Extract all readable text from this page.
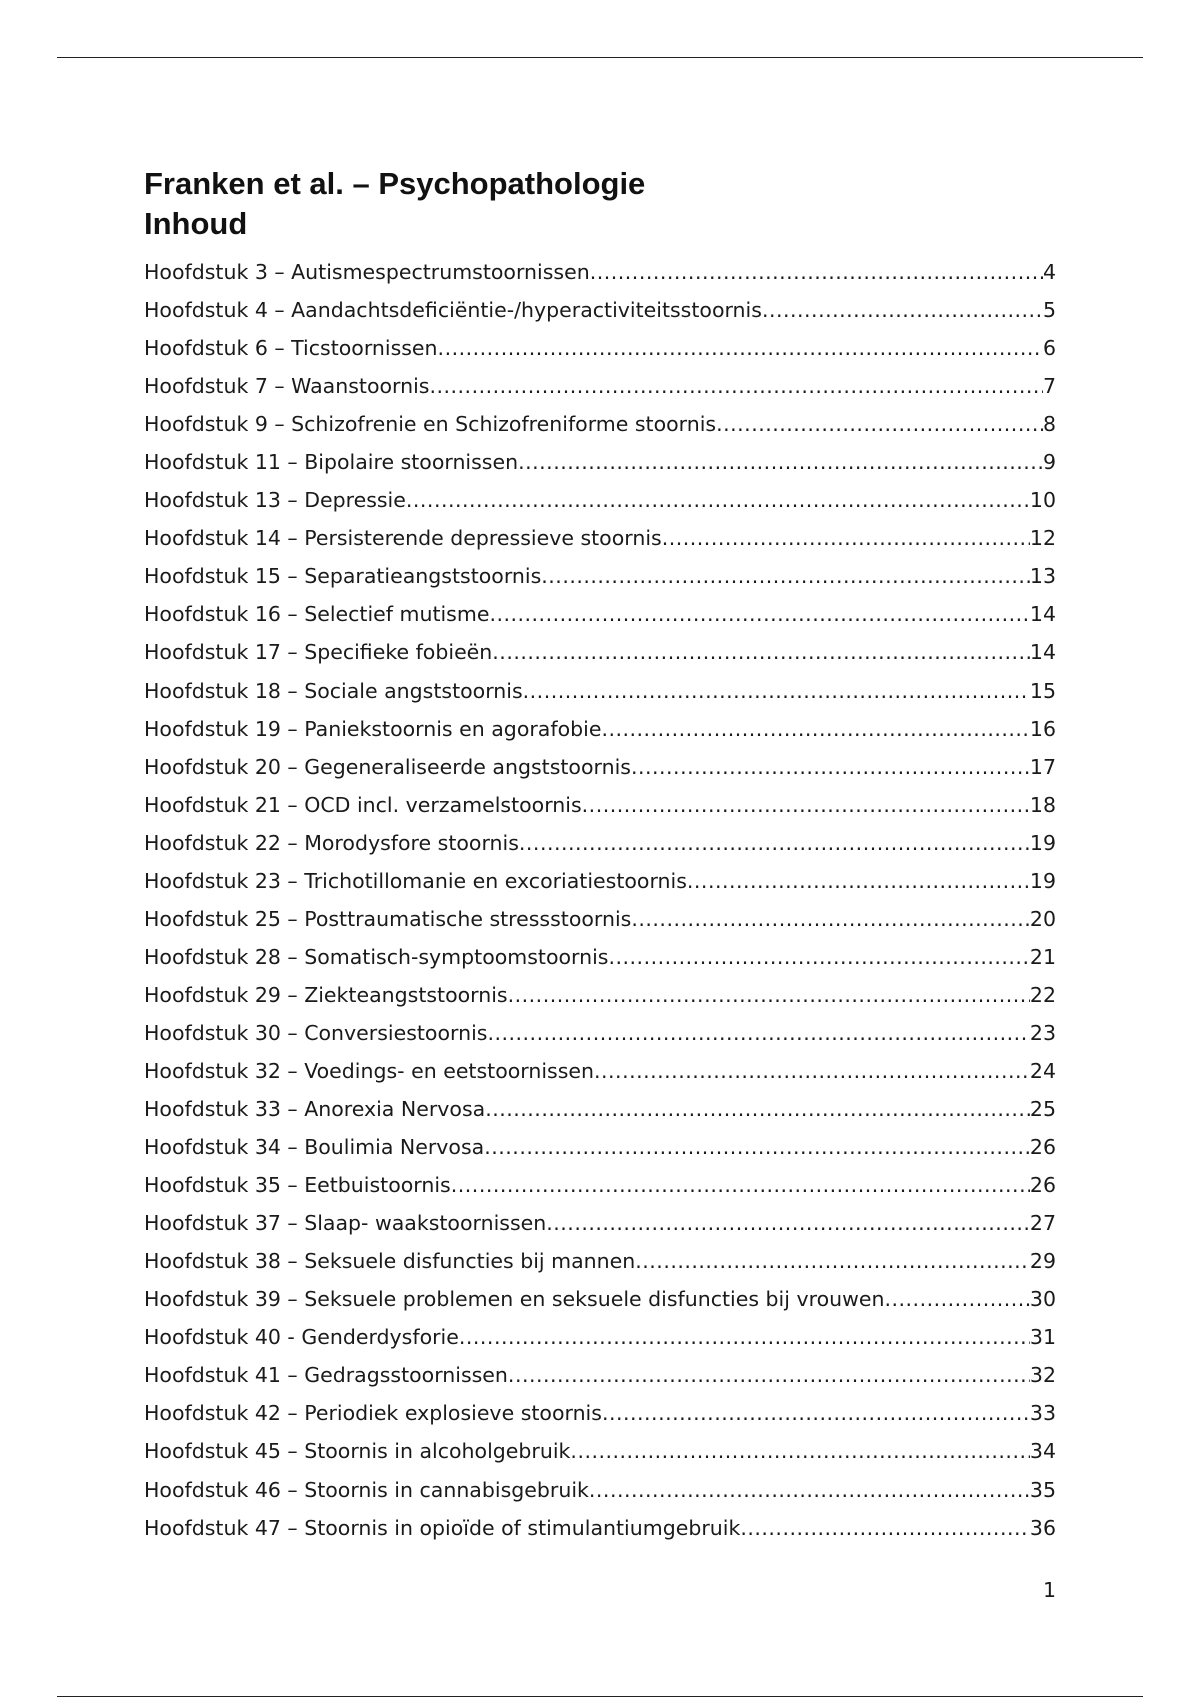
Franken et al. – Psychopathologie
Inhoud
Hoofdstuk 3 – Autismespectrumstoornissen .....	4
Hoofdstuk 4 – Aandachtsdeficiëntie-/hyperactiviteitsstoornis .....	5
Hoofdstuk 6 – Ticstoornissen .....	6
Hoofdstuk 7 – Waanstoornis .....	7
Hoofdstuk 9 – Schizofrenie en Schizofreniforme stoornis .....	8
Hoofdstuk 11 – Bipolaire stoornissen .....	9
Hoofdstuk 13 – Depressie .....	10
Hoofdstuk 14 – Persisterende depressieve stoornis .....	12
Hoofdstuk 15 – Separatieangststoornis .....	13
Hoofdstuk 16 – Selectief mutisme .....	14
Hoofdstuk 17 – Specifieke fobieën .....	14
Hoofdstuk 18 – Sociale angststoornis .....	15
Hoofdstuk 19 – Paniekstoornis en agorafobie .....	16
Hoofdstuk 20 – Gegeneraliseerde angststoornis .....	17
Hoofdstuk 21 – OCD incl. verzamelstoornis .....	18
Hoofdstuk 22 – Morodysfore stoornis .....	19
Hoofdstuk 23 – Trichotillomanie en excoriatiestoornis .....	19
Hoofdstuk 25 – Posttraumatische stressstoornis .....	20
Hoofdstuk 28 – Somatisch-symptoomstoornis .....	21
Hoofdstuk 29 – Ziekteangststoornis .....	22
Hoofdstuk 30 – Conversiestoornis .....	23
Hoofdstuk 32 – Voedings- en eetstoornissen .....	24
Hoofdstuk 33 – Anorexia Nervosa .....	25
Hoofdstuk 34 – Boulimia Nervosa .....	26
Hoofdstuk 35 – Eetbuistoornis .....	26
Hoofdstuk 37 – Slaap- waakstoornissen .....	27
Hoofdstuk 38 – Seksuele disfuncties bij mannen .....	29
Hoofdstuk 39 – Seksuele problemen en seksuele disfuncties bij vrouwen .....	30
Hoofdstuk 40 - Genderdysforie .....	31
Hoofdstuk 41 – Gedragsstoornissen .....	32
Hoofdstuk 42 – Periodiek explosieve stoornis .....	33
Hoofdstuk 45 – Stoornis in alcoholgebruik .....	34
Hoofdstuk 46 – Stoornis in cannabisgebruik .....	35
Hoofdstuk 47 – Stoornis in opioïde of stimulantiumgebruik .....	36
1
